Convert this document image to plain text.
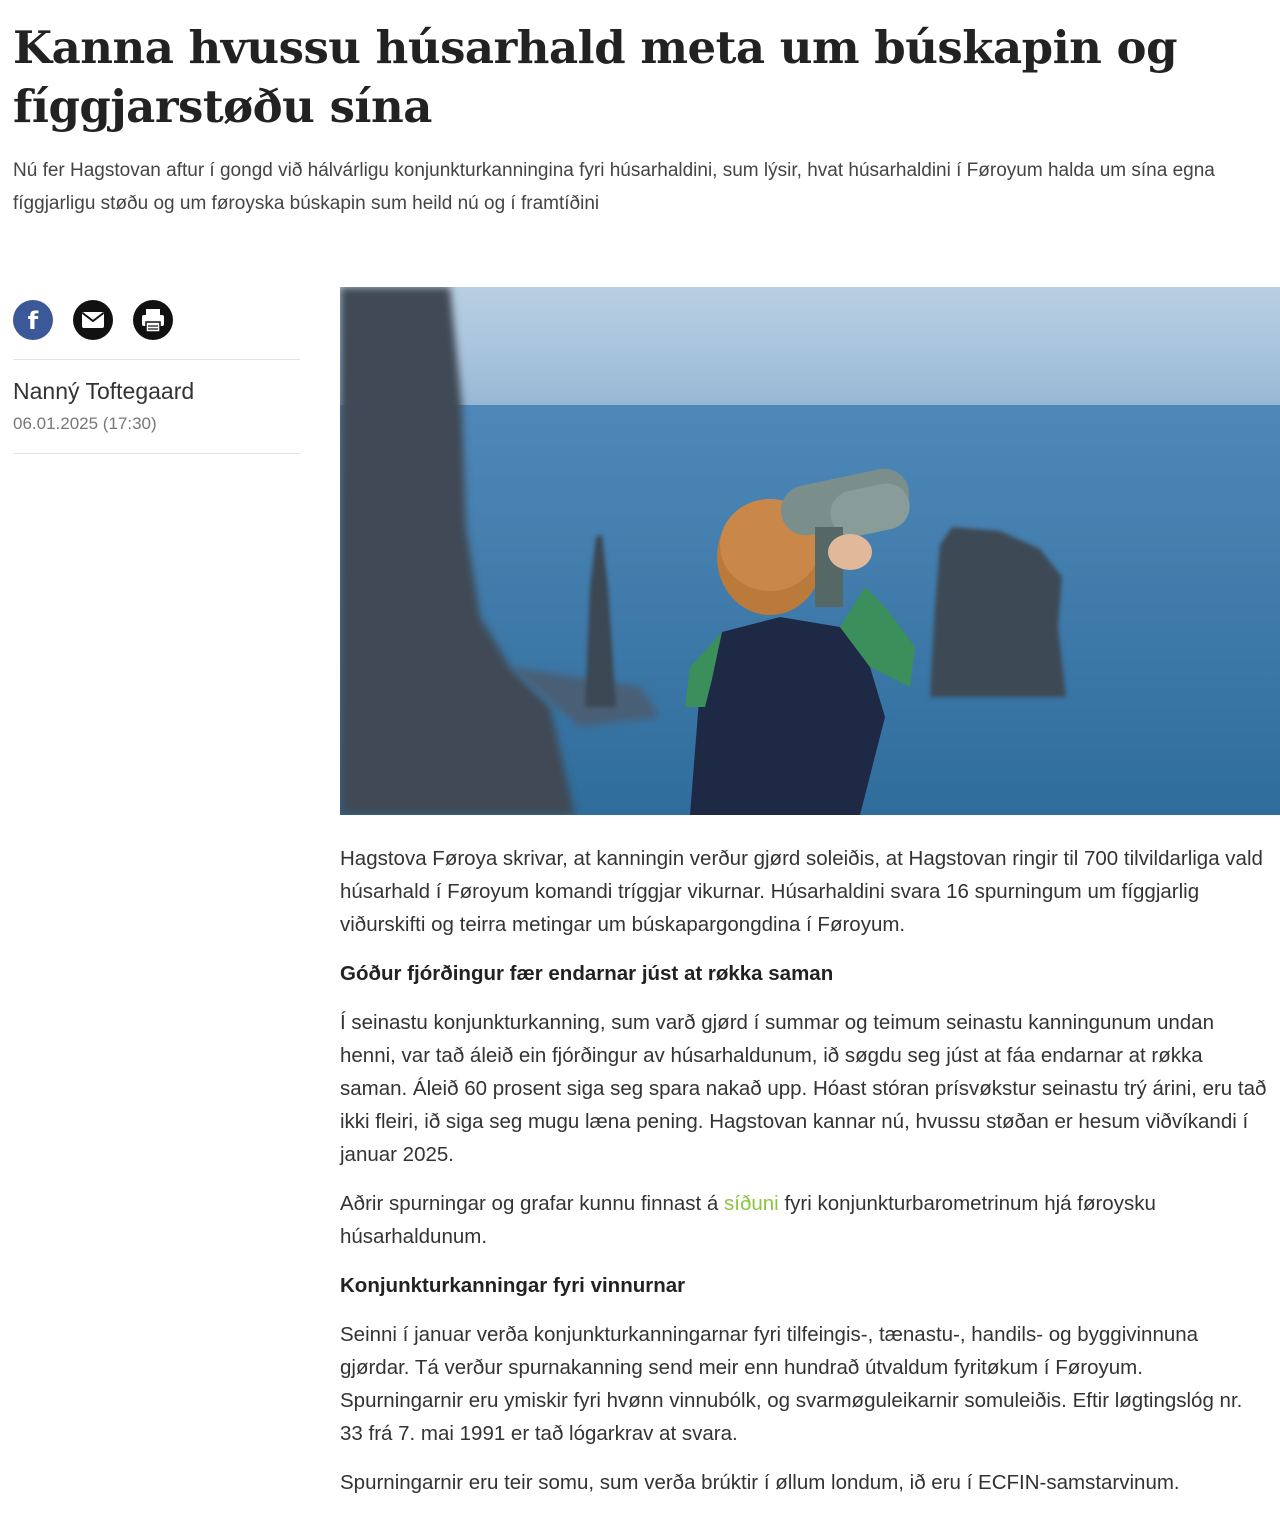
Kanna hvussu húsarhald meta um búskapin og fíggjarstøðu sína

Nú fer Hagstovan aftur í gongd við hálvárligu konjunkturkanningina fyri húsarhaldini, sum lýsir, hvat húsarhaldini í Føroyum halda um sína egna fíggjarligu støðu og um føroyska búskapin sum heild nú og í framtíðini

f
Nanný Toftegaard
06.01.2025 (17:30)

Hagstova Føroya skrivar, at kanningin verður gjørd soleiðis, at Hagstovan ringir til 700 tilvildarliga vald húsarhald í Føroyum komandi tríggjar vikurnar. Húsarhaldini svara 16 spurningum um fíggjarlig viðurskifti og teirra metingar um búskapargongdina í Føroyum.

Góður fjórðingur fær endarnar júst at røkka saman

Í seinastu konjunkturkanning, sum varð gjørd í summar og teimum seinastu kanningunum undan henni, var tað áleið ein fjórðingur av húsarhaldunum, ið søgdu seg júst at fáa endarnar at røkka saman. Áleið 60 prosent siga seg spara nakað upp. Hóast stóran prísvøkstur seinastu trý árini, eru tað ikki fleiri, ið siga seg mugu læna pening. Hagstovan kannar nú, hvussu støðan er hesum viðvíkandi í januar 2025.

Aðrir spurningar og grafar kunnu finnast á síðuni fyri konjunkturbarometrinum hjá føroysku húsarhaldunum.

Konjunkturkanningar fyri vinnurnar

Seinni í januar verða konjunkturkanningarnar fyri tilfeingis-, tænastu-, handils- og byggivinnuna gjørdar. Tá verður spurnakanning send meir enn hundrað útvaldum fyritøkum í Føroyum. Spurningarnir eru ymiskir fyri hvønn vinnubólk, og svarmøguleikarnir somuleiðis. Eftir løgtingslóg nr. 33 frá 7. mai 1991 er tað lógarkrav at svara.

Spurningarnir eru teir somu, sum verða brúktir í øllum londum, ið eru í ECFIN-samstarvinum.
